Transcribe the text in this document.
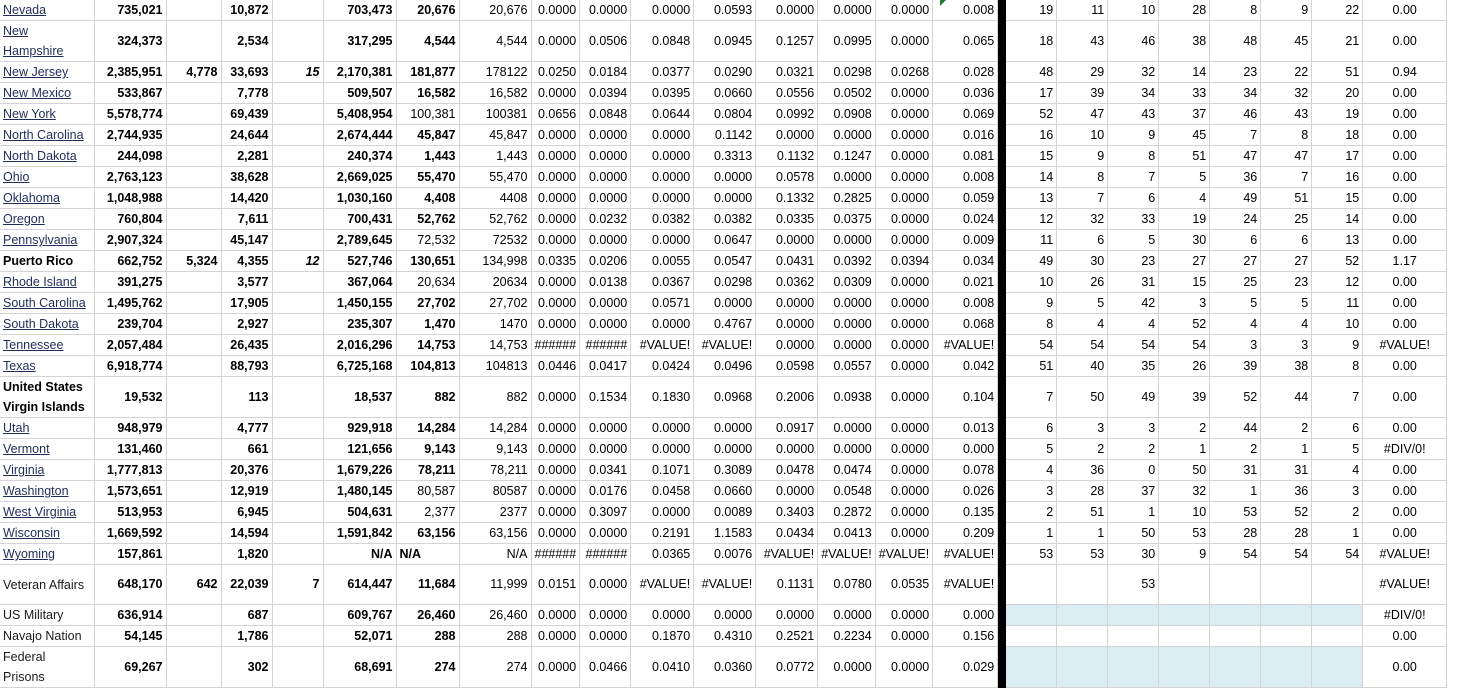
Nevada	735,021		10,872		703,473	20,676	20,676	0.0000	0.0000	0.0000	0.0593	0.0000	0.0000	0.0000	0.008		19	11	10	28	8	9	22	0.00
New Hampshire	324,373		2,534		317,295	4,544	4,544	0.0000	0.0506	0.0848	0.0945	0.1257	0.0995	0.0000	0.065		18	43	46	38	48	45	21	0.00
New Jersey	2,385,951	4,778	33,693	15	2,170,381	181,877	178122	0.0250	0.0184	0.0377	0.0290	0.0321	0.0298	0.0268	0.028		48	29	32	14	23	22	51	0.94
New Mexico	533,867		7,778		509,507	16,582	16,582	0.0000	0.0394	0.0395	0.0660	0.0556	0.0502	0.0000	0.036		17	39	34	33	34	32	20	0.00
New York	5,578,774		69,439		5,408,954	100,381	100381	0.0656	0.0848	0.0644	0.0804	0.0992	0.0908	0.0000	0.069		52	47	43	37	46	43	19	0.00
North Carolina	2,744,935		24,644		2,674,444	45,847	45,847	0.0000	0.0000	0.0000	0.1142	0.0000	0.0000	0.0000	0.016		16	10	9	45	7	8	18	0.00
North Dakota	244,098		2,281		240,374	1,443	1,443	0.0000	0.0000	0.0000	0.3313	0.1132	0.1247	0.0000	0.081		15	9	8	51	47	47	17	0.00
Ohio	2,763,123		38,628		2,669,025	55,470	55,470	0.0000	0.0000	0.0000	0.0000	0.0578	0.0000	0.0000	0.008		14	8	7	5	36	7	16	0.00
Oklahoma	1,048,988		14,420		1,030,160	4,408	4408	0.0000	0.0000	0.0000	0.0000	0.1332	0.2825	0.0000	0.059		13	7	6	4	49	51	15	0.00
Oregon	760,804		7,611		700,431	52,762	52,762	0.0000	0.0232	0.0382	0.0382	0.0335	0.0375	0.0000	0.024		12	32	33	19	24	25	14	0.00
Pennsylvania	2,907,324		45,147		2,789,645	72,532	72532	0.0000	0.0000	0.0000	0.0647	0.0000	0.0000	0.0000	0.009		11	6	5	30	6	6	13	0.00
Puerto Rico	662,752	5,324	4,355	12	527,746	130,651	134,998	0.0335	0.0206	0.0055	0.0547	0.0431	0.0392	0.0394	0.034		49	30	23	27	27	27	52	1.17
Rhode Island	391,275		3,577		367,064	20,634	20634	0.0000	0.0138	0.0367	0.0298	0.0362	0.0309	0.0000	0.021		10	26	31	15	25	23	12	0.00
South Carolina	1,495,762		17,905		1,450,155	27,702	27,702	0.0000	0.0000	0.0571	0.0000	0.0000	0.0000	0.0000	0.008		9	5	42	3	5	5	11	0.00
South Dakota	239,704		2,927		235,307	1,470	1470	0.0000	0.0000	0.0000	0.4767	0.0000	0.0000	0.0000	0.068		8	4	4	52	4	4	10	0.00
Tennessee	2,057,484		26,435		2,016,296	14,753	14,753	######	######	#VALUE!	#VALUE!	0.0000	0.0000	0.0000	#VALUE!		54	54	54	54	3	3	9	#VALUE!
Texas	6,918,774		88,793		6,725,168	104,813	104813	0.0446	0.0417	0.0424	0.0496	0.0598	0.0557	0.0000	0.042		51	40	35	26	39	38	8	0.00
United States Virgin Islands	19,532		113		18,537	882	882	0.0000	0.1534	0.1830	0.0968	0.2006	0.0938	0.0000	0.104		7	50	49	39	52	44	7	0.00
Utah	948,979		4,777		929,918	14,284	14,284	0.0000	0.0000	0.0000	0.0000	0.0917	0.0000	0.0000	0.013		6	3	3	2	44	2	6	0.00
Vermont	131,460		661		121,656	9,143	9,143	0.0000	0.0000	0.0000	0.0000	0.0000	0.0000	0.0000	0.000		5	2	2	1	2	1	5	#DIV/0!
Virginia	1,777,813		20,376		1,679,226	78,211	78,211	0.0000	0.0341	0.1071	0.3089	0.0478	0.0474	0.0000	0.078		4	36	0	50	31	31	4	0.00
Washington	1,573,651		12,919		1,480,145	80,587	80587	0.0000	0.0176	0.0458	0.0660	0.0000	0.0548	0.0000	0.026		3	28	37	32	1	36	3	0.00
West Virginia	513,953		6,945		504,631	2,377	2377	0.0000	0.3097	0.0000	0.0089	0.3403	0.2872	0.0000	0.135		2	51	1	10	53	52	2	0.00
Wisconsin	1,669,592		14,594		1,591,842	63,156	63,156	0.0000	0.0000	0.2191	1.1583	0.0434	0.0413	0.0000	0.209		1	1	50	53	28	28	1	0.00
Wyoming	157,861		1,820		N/A	N/A	N/A	######	######	0.0365	0.0076	#VALUE!	#VALUE!	#VALUE!	#VALUE!		53	53	30	9	54	54	54	#VALUE!
Veteran Affairs	648,170	642	22,039	7	614,447	11,684	11,999	0.0151	0.0000	#VALUE!	#VALUE!	0.1131	0.0780	0.0535	#VALUE!				53					#VALUE!
US Military	636,914		687		609,767	26,460	26,460	0.0000	0.0000	0.0000	0.0000	0.0000	0.0000	0.0000	0.000									#DIV/0!
Navajo Nation	54,145		1,786		52,071	288	288	0.0000	0.0000	0.1870	0.4310	0.2521	0.2234	0.0000	0.156									0.00
Federal Prisons	69,267		302		68,691	274	274	0.0000	0.0466	0.0410	0.0360	0.0772	0.0000	0.0000	0.029									0.00
